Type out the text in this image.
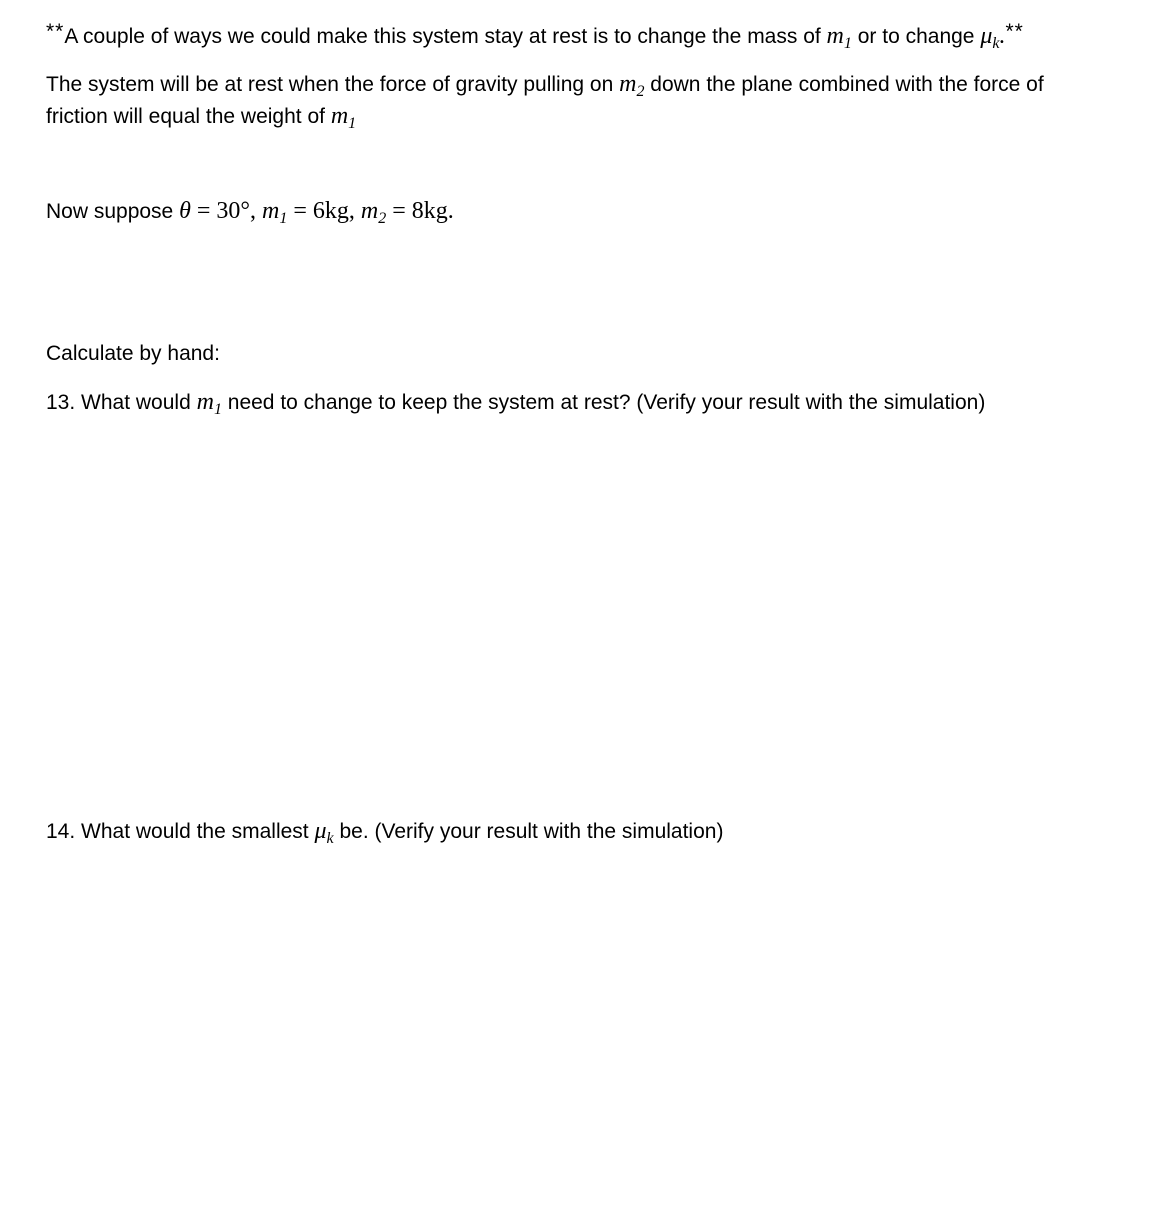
**A couple of ways we could make this system stay at rest is to change the mass of $m_1$ or to change $\mu_k.**$
The system will be at rest when the force of gravity pulling on $m_2$ down the plane combined with the force of
friction will equal the weight of $m_1$
Now suppose θ = 30°, $m_1 = 6kg$, $m_2 = 8kg$.
Calculate by hand:
13. What would $m_1$ need to change to keep the system at rest? (Verify your result with the simulation)
14. What would the smallest $\mu_k$ be. (Verify your result with the simulation)
